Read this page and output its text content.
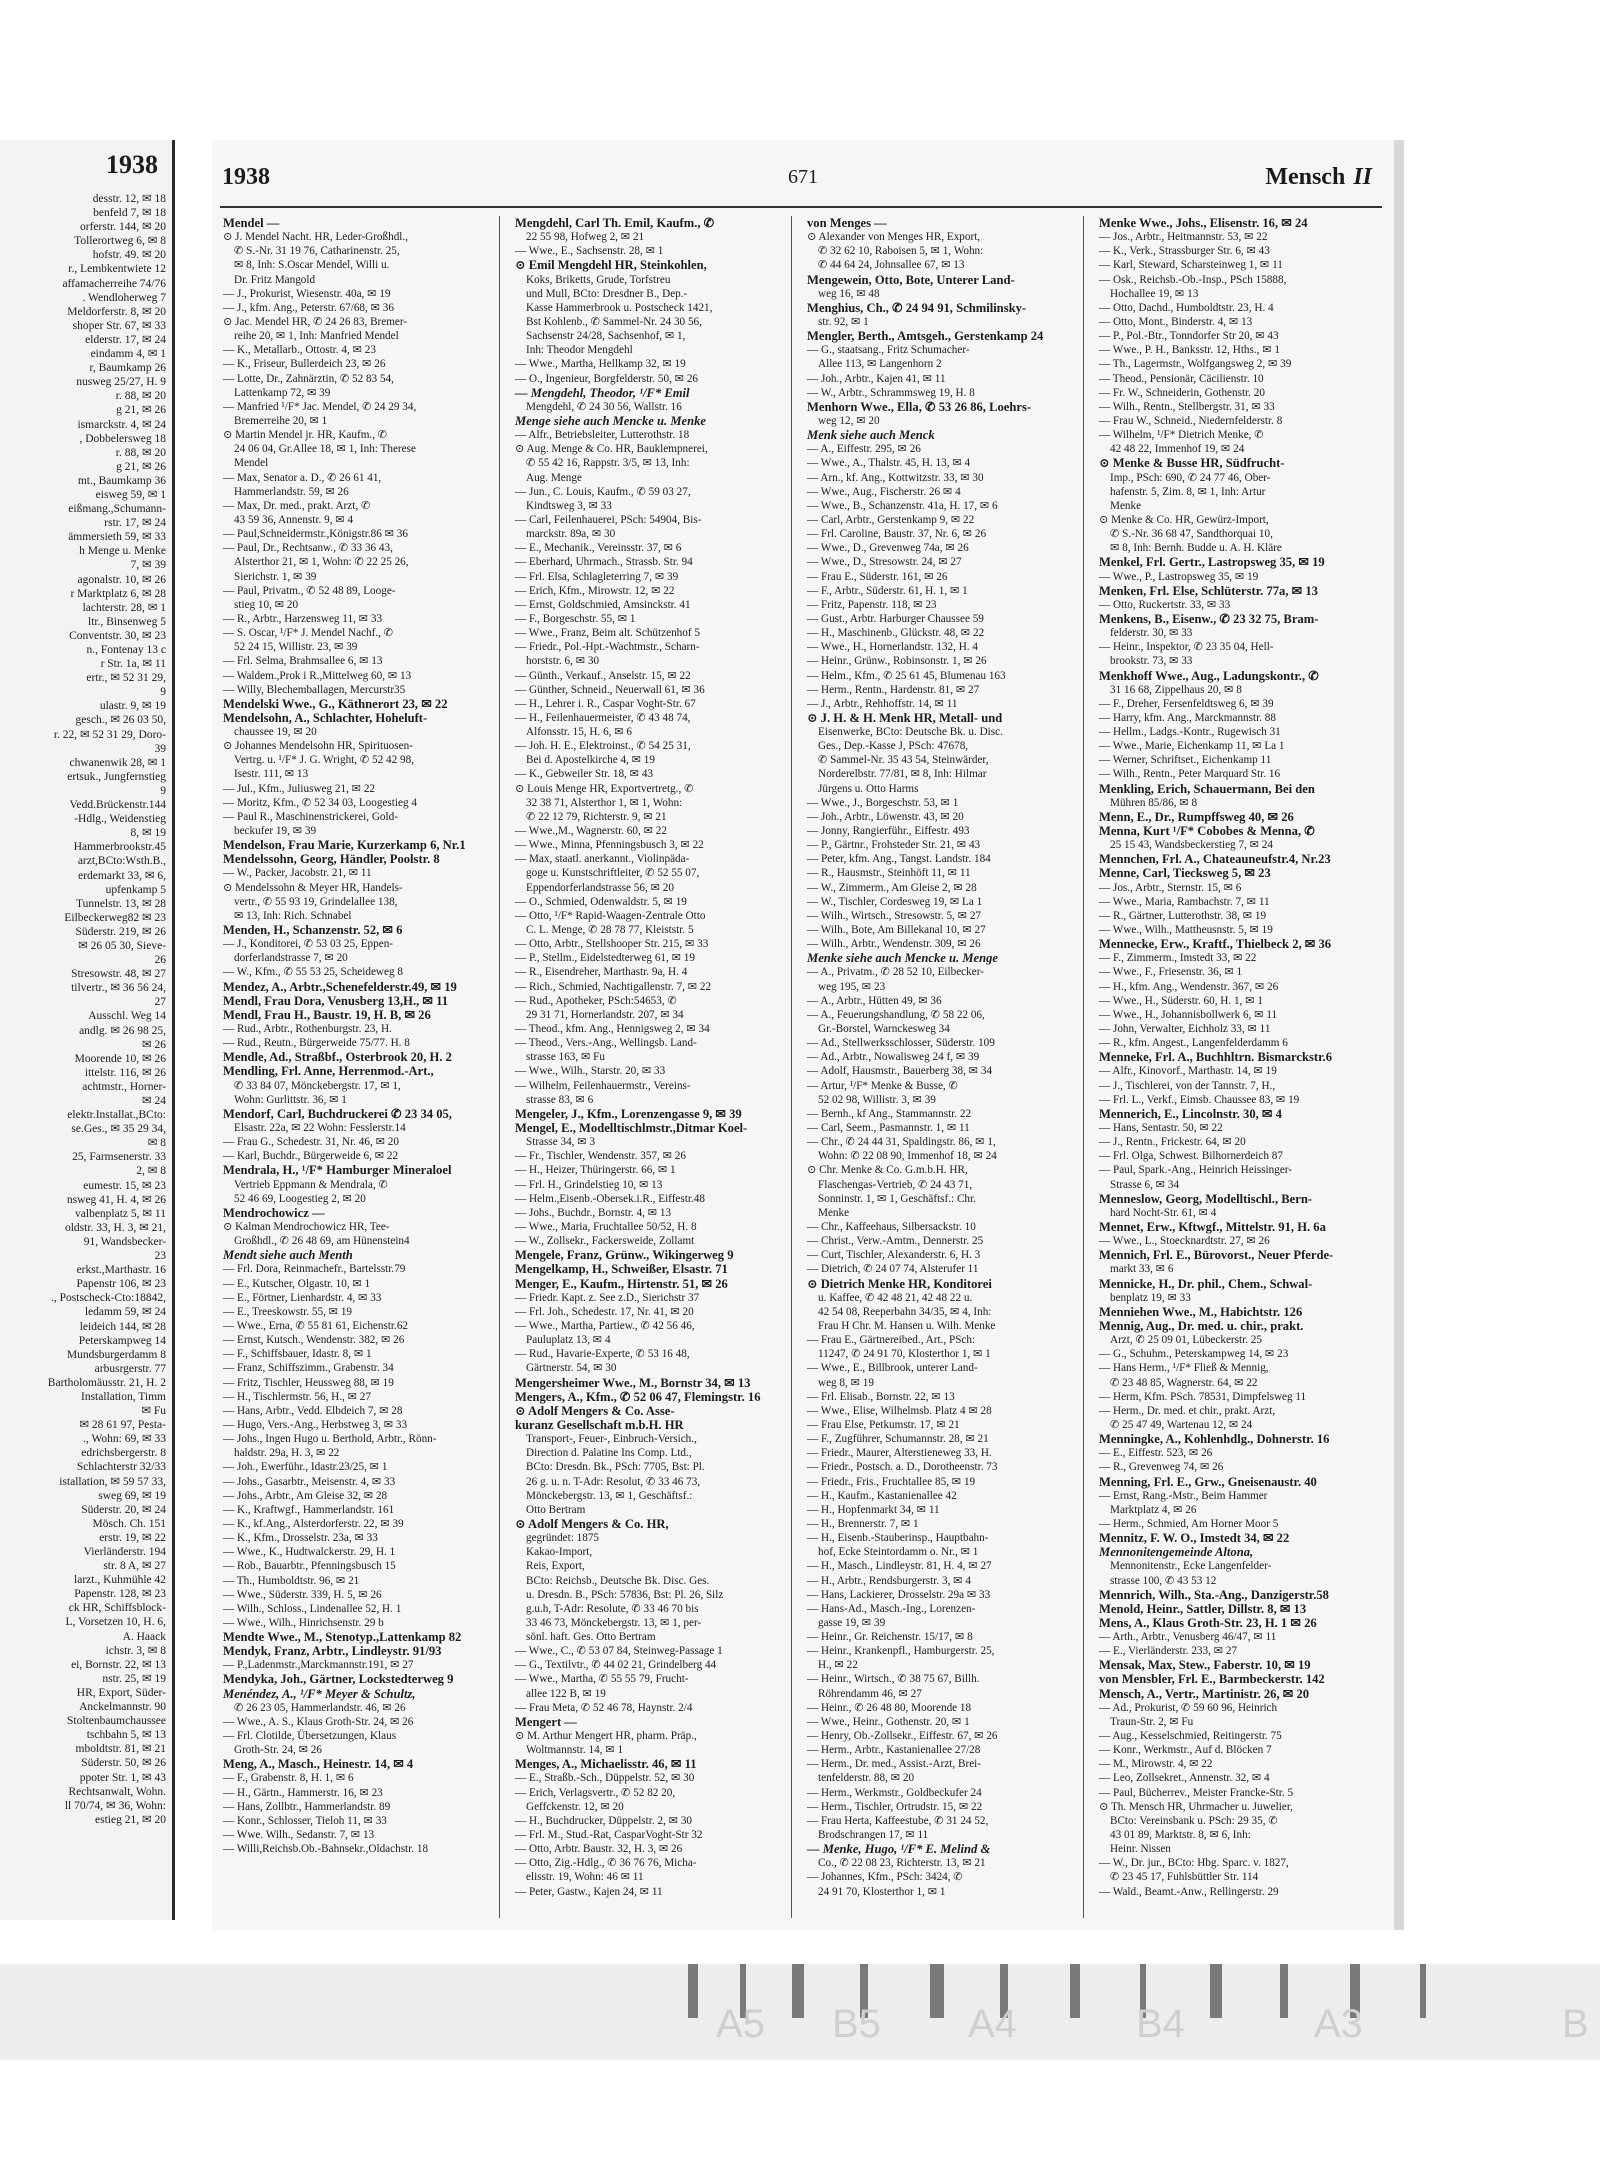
1938
desstr. 12, ✉ 18
benfeld 7, ✉ 18
orferstr. 144, ✉ 20
Tollerortweg 6, ✉ 8
hofstr. 49. ✉ 20
r., Lembkentwiete 12
affamacherreihe 74/76
. Wendloherweg 7
Meldorferstr. 8, ✉ 20
shoper Str. 67, ✉ 33
elderstr. 17, ✉ 24
eindamm 4, ✉ 1
r, Baumkamp 26
nusweg 25/27, H. 9
r. 88, ✉ 20
g 21, ✉ 26
ismarckstr. 4, ✉ 24
, Dobbelersweg 18
r. 88, ✉ 20
g 21, ✉ 26
mt., Baumkamp 36
eisweg 59, ✉ 1
eißmang.,Schumann-
rstr. 17, ✉ 24
ämmersieth 59, ✉ 33
h Menge u. Menke
7, ✉ 39
agonalstr. 10, ✉ 26
r Marktplatz 6, ✉ 28
lachterstr. 28, ✉ 1
ltr., Binsenweg 5
Conventstr. 30, ✉ 23
n., Fontenay 13 c
r Str. 1a, ✉ 11
ertr., ✉ 52 31 29,
9
ulastr. 9, ✉ 19
gesch., ✉ 26 03 50,
r. 22, ✉ 52 31 29, Doro-
39
chwanenwik 28, ✉ 1
ertsuk., Jungfernstieg
9
Vedd.Brückenstr.144
-Hdlg., Weidenstieg
8, ✉ 19
Hammerbrookstr.45
arzt,BCto:Wsth.B.,
erdemarkt 33, ✉ 6,
upfenkamp 5
Tunnelstr. 13, ✉ 28
Eilbeckerweg82 ✉ 23
Süderstr. 219, ✉ 26
✉ 26 05 30, Sieve-
26
Stresowstr. 48, ✉ 27
tilvertr., ✉ 36 56 24,
27
Ausschl. Weg 14
andlg. ✉ 26 98 25,
✉ 26
Moorende 10, ✉ 26
ittelstr. 116, ✉ 26
achtmstr., Horner-
✉ 24
elektr.Installat.,BCto:
se.Ges., ✉ 35 29 34,
✉ 8
25, Farmsenerstr. 33
2, ✉ 8
eumestr. 15, ✉ 23
nsweg 41, H. 4, ✉ 26
valbenplatz 5, ✉ 11
oldstr. 33, H. 3, ✉ 21,
91, Wandsbecker-
23
erkst.,Marthastr. 16
Papenstr 106, ✉ 23
., Postscheck-Cto:18842,
ledamm 59, ✉ 24
leideich 144, ✉ 28
Peterskampweg 14
Mundsburgerdamm 8
arbusrgerstr. 77
Bartholomäusstr. 21, H. 2
Installation, Timm
✉ Fu
✉ 28 61 97, Pesta-
., Wohn: 69, ✉ 33
edrichsbergerstr. 8
Schlachterstr 32/33
istallation, ✉ 59 57 33,
sweg 69, ✉ 19
Süderstr. 20, ✉ 24
Mösch. Ch. 151
erstr. 19, ✉ 22
Vierländerstr. 194
str. 8 A, ✉ 27
larzt., Kuhmühle 42
Papenstr. 128, ✉ 23
ck HR, Schiffsblock-
L, Vorsetzen 10, H. 6,
A. Haack
ichstr. 3, ✉ 8
ei, Bornstr. 22, ✉ 13
nstr. 25, ✉ 19
HR, Export, Süder-
Anckelmannstr. 90
Stoltenbaumchaussee
tschbahn 5, ✉ 13
mboldtstr. 81, ✉ 21
Süderstr. 50, ✉ 26
ppoter Str. 1, ✉ 43
Rechtsanwalt, Wohn.
ll 70/74, ✉ 36, Wohn:
estieg 21, ✉ 20
1938	671	Mensch II
Mendel —
⊙ J. Mendel Nacht. HR, Leder-Großhdl.,
✆ S.-Nr. 31 19 76, Catharinenstr. 25,
✉ 8, Inh: S.Oscar Mendel, Willi u.
Dr. Fritz Mangold
— J., Prokurist, Wiesenstr. 40a, ✉ 19
— J., kfm. Ang., Peterstr. 67/68, ✉ 36
⊙ Jac. Mendel HR, ✆ 24 26 83, Bremer-
reihe 20, ✉ 1, Inh: Manfried Mendel
— K., Metallarb., Ottostr. 4, ✉ 23
— K., Friseur, Bullerdeich 23, ✉ 26
— Lotte, Dr., Zahnärztin, ✆ 52 83 54,
Lattenkamp 72, ✉ 39
— Manfried ¹/F* Jac. Mendel, ✆ 24 29 34,
Bremerreihe 20, ✉ 1
⊙ Martin Mendel jr. HR, Kaufm., ✆
24 06 04, Gr.Allee 18, ✉ 1, Inh: Therese
Mendel
— Max, Senator a. D., ✆ 26 61 41,
Hammerlandstr. 59, ✉ 26
— Max, Dr. med., prakt. Arzt, ✆
43 59 36, Annenstr. 9, ✉ 4
— Paul,Schneidermstr.,Königstr.86 ✉ 36
— Paul, Dr., Rechtsanw., ✆ 33 36 43,
Alsterthor 21, ✉ 1, Wohn: ✆ 22 25 26,
Sierichstr. 1, ✉ 39
— Paul, Privatm., ✆ 52 48 89, Looge-
stieg 10, ✉ 20
— R., Arbtr., Harzensweg 11, ✉ 33
— S. Oscar, ¹/F* J. Mendel Nachf., ✆
52 24 15, Willistr. 23, ✉ 39
— Frl. Selma, Brahmsallee 6, ✉ 13
— Waldem.,Prok i R.,Mittelweg 60, ✉ 13
— Willy, Blechemballagen, Mercurstr35
Mendelski Wwe., G., Käthnerort 23, ✉ 22
Mendelsohn, A., Schlachter, Hoheluft-
chaussee 19, ✉ 20
⊙ Johannes Mendelsohn HR, Spirituosen-
Vertrg. u. ¹/F* J. G. Wright, ✆ 52 42 98,
Isestr. 111, ✉ 13
— Jul., Kfm., Juliusweg 21, ✉ 22
— Moritz, Kfm., ✆ 52 34 03, Loogestieg 4
— Paul R., Maschinenstrickerei, Gold-
beckufer 19, ✉ 39
Mendelson, Frau Marie, Kurzerkamp 6, Nr.1
Mendelssohn, Georg, Händler, Poolstr. 8
— W., Packer, Jacobstr. 21, ✉ 11
⊙ Mendelssohn & Meyer HR, Handels-
vertr., ✆ 55 93 19, Grindelallee 138,
✉ 13, Inh: Rich. Schnabel
Menden, H., Schanzenstr. 52, ✉ 6
— J., Konditorei, ✆ 53 03 25, Eppen-
dorferlandstrasse 7, ✉ 20
— W., Kfm., ✆ 55 53 25, Scheideweg 8
Mendez, A., Arbtr.,Schenefelderstr.49, ✉ 19
Mendl, Frau Dora, Venusberg 13,H., ✉ 11
Mendl, Frau H., Baustr. 19, H. B, ✉ 26
— Rud., Arbtr., Rothenburgstr. 23, H.
— Rud., Reutn., Bürgerweide 75/77. H. 8
Mendle, Ad., Straßbf., Osterbrook 20, H. 2
Mendling, Frl. Anne, Herrenmod.-Art.,
✆ 33 84 07, Mönckebergstr. 17, ✉ 1,
Wohn: Gurlittstr. 36, ✉ 1
Mendorf, Carl, Buchdruckerei ✆ 23 34 05,
Elsastr. 22a, ✉ 22 Wohn: Fesslerstr.14
— Frau G., Schedestr. 31, Nr. 46, ✉ 20
— Karl, Buchdr., Bürgerweide 6, ✉ 22
Mendrala, H., ¹/F* Hamburger Mineraloel
Vertrieb Eppmann & Mendrala, ✆
52 46 69, Loogestieg 2, ✉ 20
Mendrochowicz —
⊙ Kalman Mendrochowicz HR, Tee-
Großhdl., ✆ 26 48 69, am Hünenstein4
Mendt siehe auch Menth
— Frl. Dora, Reinmachefr., Bartelsstr.79
— E., Kutscher, Olgastr. 10, ✉ 1
— E., Förtner, Lienhardstr. 4, ✉ 33
— E., Treeskowstr. 55, ✉ 19
— Wwe., Erna, ✆ 55 81 61, Eichenstr.62
— Ernst, Kutsch., Wendenstr. 382, ✉ 26
— F., Schiffsbauer, Idastr. 8, ✉ 1
— Franz, Schiffszimm., Grabenstr. 34
— Fritz, Tischler, Heussweg 88, ✉ 19
— H., Tischlermstr. 56, H., ✉ 27
— Hans, Arbtr., Vedd. Elbdeich 7, ✉ 28
— Hugo, Vers.-Ang., Herbstweg 3, ✉ 33
— Johs., Ingen Hugo u. Berthold, Arbtr., Rönn-
haldstr. 29a, H. 3, ✉ 22
— Joh., Ewerführ., Idastr.23/25, ✉ 1
— Johs., Gasarbtr., Meisenstr. 4, ✉ 33
— Johs., Arbtr., Am Gleise 32, ✉ 28
— K., Kraftwgf., Hammerlandstr. 161
— K., kf.Ang., Alsterdorferstr. 22, ✉ 39
— K., Kfm., Drosselstr. 23a, ✉ 33
— Wwe., K., Hudtwalckerstr. 29, H. 1
— Rob., Bauarbtr., Pfenningsbusch 15
— Th., Humboldtstr. 96, ✉ 21
— Wwe., Süderstr. 339, H. 5, ✉ 26
— Wilh., Schloss., Lindenallee 52, H. 1
— Wwe., Wilh., Hinrichsenstr. 29 b
Mendte Wwe., M., Stenotyp.,Lattenkamp 82
Mendyk, Franz, Arbtr., Lindleystr. 91/93
— P.,Ladenmstr.,Marckmannstr.191, ✉ 27
Mendyka, Joh., Gärtner, Lockstedterweg 9
Menéndez, A., ¹/F* Meyer & Schultz,
✆ 26 23 05, Hammerlandstr. 46, ✉ 26
— Wwe., A. S., Klaus Groth-Str. 24, ✉ 26
— Frl. Clotilde, Übersetzungen, Klaus
Groth-Str. 24, ✉ 26
Meng, A., Masch., Heinestr. 14, ✉ 4
— F., Grabenstr. 8, H. 1, ✉ 6
— H., Gärtn., Hammerstr. 16, ✉ 23
— Hans, Zollbtr., Hammerlandstr. 89
— Konr., Schlosser, Tieloh 11, ✉ 33
— Wwe. Wilh., Sedanstr. 7, ✉ 13
— Willi,Reichsb.Ob.-Bahnsekr.,Oldachstr. 18
Mengdehl, Carl Th. Emil, Kaufm., ✆
22 55 98, Hofweg 2, ✉ 21
— Wwe., E., Sachsenstr. 28, ✉ 1
⊙ Emil Mengdehl HR, Steinkohlen,
Koks, Briketts, Grude, Torfstreu
und Mull, BCto: Dresdner B., Dep.-
Kasse Hammerbrook u. Postscheck 1421,
Bst Kohlenb., ✆ Sammel-Nr. 24 30 56,
Sachsenstr 24/28, Sachsenhof, ✉ 1,
Inh: Theodor Mengdehl
— Wwe., Martha, Hellkamp 32, ✉ 19
— O., Ingenieur, Borgfelderstr. 50, ✉ 26
— Mengdehl, Theodor, ¹/F* Emil
Mengdehl, ✆ 24 30 56, Wallstr. 16
Menge siehe auch Mencke u. Menke
— Alfr., Betriebsleiter, Lutterothstr. 18
⊙ Aug. Menge & Co. HR, Bauklempnerei,
✆ 55 42 16, Rappstr. 3/5, ✉ 13, Inh:
Aug. Menge
— Jun., C. Louis, Kaufm., ✆ 59 03 27,
Kindtsweg 3, ✉ 33
— Carl, Feilenhauerei, PSch: 54904, Bis-
marckstr. 89a, ✉ 30
— E., Mechanik., Vereinsstr. 37, ✉ 6
— Eberhard, Uhrmach., Strassb. Str. 94
— Frl. Elsa, Schlagleterring 7, ✉ 39
— Erich, Kfm., Mirowstr. 12, ✉ 22
— Ernst, Goldschmied, Amsinckstr. 41
— F., Borgeschstr. 55, ✉ 1
— Wwe., Franz, Beim alt. Schützenhof 5
— Friedr., Pol.-Hpt.-Wachtmstr., Scharn-
horststr. 6, ✉ 30
— Günth., Verkauf., Anselstr. 15, ✉ 22
— Günther, Schneid., Neuerwall 61, ✉ 36
— H., Lehrer i. R., Caspar Voght-Str. 67
— H., Feilenhauermeister, ✆ 43 48 74,
Alfonsstr. 15, H. 6, ✉ 6
— Joh. H. E., Elektroinst., ✆ 54 25 31,
Bei d. Apostelkirche 4, ✉ 19
— K., Gebweiler Str. 18, ✉ 43
⊙ Louis Menge HR, Exportvertretg., ✆
32 38 71, Alsterthor 1, ✉ 1, Wohn:
✆ 22 12 79, Richterstr. 9, ✉ 21
— Wwe.,M., Wagnerstr. 60, ✉ 22
— Wwe., Minna, Pfenningsbusch 3, ✉ 22
— Max, staatl. anerkannt., Violinpäda-
goge u. Kunstschriftleiter, ✆ 52 55 07,
Eppendorferlandstrasse 56, ✉ 20
— O., Schmied, Odenwaldstr. 5, ✉ 19
— Otto, ¹/F* Rapid-Waagen-Zentrale Otto
C. L. Menge, ✆ 28 78 77, Kleiststr. 5
— Otto, Arbtr., Stellshooper Str. 215, ✉ 33
— P., Stellm., Eidelstedterweg 61, ✉ 19
— R., Eisendreher, Marthastr. 9a, H. 4
— Rich., Schmied, Nachtigallenstr. 7, ✉ 22
— Rud., Apotheker, PSch:54653, ✆
29 31 71, Hornerlandstr. 207, ✉ 34
— Theod., kfm. Ang., Hennigsweg 2, ✉ 34
— Theod., Vers.-Ang., Wellingsb. Land-
strasse 163, ✉ Fu
— Wwe., Wilh., Starstr. 20, ✉ 33
— Wilhelm, Feilenhauermstr., Vereins-
strasse 83, ✉ 6
Mengeler, J., Kfm., Lorenzengasse 9, ✉ 39
Mengel, E., Modelltischlmstr.,Ditmar Koel-
Strasse 34, ✉ 3
— Fr., Tischler, Wendenstr. 357, ✉ 26
— H., Heizer, Thüringerstr. 66, ✉ 1
— Frl. H., Grindelstieg 10, ✉ 13
— Helm.,Eisenb.-Obersek.i.R., Eiffestr.48
— Johs., Buchdr., Bornstr. 4, ✉ 13
— Wwe., Maria, Fruchtallee 50/52, H. 8
— W., Zollsekr., Fackersweide, Zollamt
Mengele, Franz, Grünw., Wikingerweg 9
Mengelkamp, H., Schweißer, Elsastr. 71
Menger, E., Kaufm., Hirtenstr. 51, ✉ 26
— Friedr. Kapt. z. See z.D., Sierichstr 37
— Frl. Joh., Schedestr. 17, Nr. 41, ✉ 20
— Wwe., Martha, Partiew., ✆ 42 56 46,
Pauluplatz 13, ✉ 4
— Rud., Havarie-Experte, ✆ 53 16 48,
Gärtnerstr. 54, ✉ 30
Mengersheimer Wwe., M., Bornstr 34, ✉ 13
Mengers, A., Kfm., ✆ 52 06 47, Flemingstr. 16
⊙ Adolf Mengers & Co. Asse-
kuranz Gesellschaft m.b.H. HR
Transport-, Feuer-, Einbruch-Versich.,
Direction d. Palatine Ins Comp. Ltd.,
BCto: Dresdn. Bk., PSch: 7705, Bst: Pl.
26 g. u. n. T-Adr: Resolut, ✆ 33 46 73,
Mönckebergstr. 13, ✉ 1, Geschäftsf.:
Otto Bertram
⊙ Adolf Mengers & Co. HR,
gegründet: 1875
Kakao-Import,
Reis, Export,
BCto: Reichsb., Deutsche Bk. Disc. Ges.
u. Dresdn. B., PSch: 57836, Bst: Pl. 26, Silz
g.u.h, T-Adr: Resolute, ✆ 33 46 70 bis
33 46 73, Mönckebergstr. 13, ✉ 1, per-
sönl. haft. Ges. Otto Bertram
— Wwe., C., ✆ 53 07 84, Steinweg-Passage 1
— G., Textilvtr., ✆ 44 02 21, Grindelberg 44
— Wwe., Martha, ✆ 55 55 79, Frucht-
allee 122 B, ✉ 19
— Frau Meta, ✆ 52 46 78, Haynstr. 2/4
Mengert —
⊙ M. Arthur Mengert HR, pharm. Präp.,
Woltmannstr. 14, ✉ 1
Menges, A., Michaelisstr. 46, ✉ 11
— E., Straßb.-Sch., Düppelstr. 52, ✉ 30
— Erich, Verlagsvertr., ✆ 52 82 20,
Geffckenstr. 12, ✉ 20
— H., Buchdrucker, Düppelstr. 2, ✉ 30
— Frl. M., Stud.-Rat, CasparVoght-Str 32
— Otto, Arbtr. Baustr. 32, H. 3, ✉ 26
— Otto, Zig.-Hdlg., ✆ 36 76 76, Micha-
elisstr. 19, Wohn: 46 ✉ 11
— Peter, Gastw., Kajen 24, ✉ 11
von Menges —
⊙ Alexander von Menges HR, Export,
✆ 32 62 10, Raboisen 5, ✉ 1, Wohn:
✆ 44 64 24, Johnsallee 67, ✉ 13
Mengewein, Otto, Bote, Unterer Land-
weg 16, ✉ 48
Menghius, Ch., ✆ 24 94 91, Schmilinsky-
str. 92, ✉ 1
Mengler, Berth., Amtsgeh., Gerstenkamp 24
— G., staatsang., Fritz Schumacher-
Allee 113, ✉ Langenhorn 2
— Joh., Arbtr., Kajen 41, ✉ 11
— W., Arbtr., Schrammsweg 19, H. 8
Menhorn Wwe., Ella, ✆ 53 26 86, Loehrs-
weg 12, ✉ 20
Menk siehe auch Menck
— A., Eiffestr. 295, ✉ 26
— Wwe., A., Thalstr. 45, H. 13, ✉ 4
— Arn., kf. Ang., Kottwitzstr. 33, ✉ 30
— Wwe., Aug., Fischerstr. 26 ✉ 4
— Wwe., B., Schanzenstr. 41a, H. 17, ✉ 6
— Carl, Arbtr., Gerstenkamp 9, ✉ 22
— Frl. Caroline, Baustr. 37, Nr. 6, ✉ 26
— Wwe., D., Grevenweg 74a, ✉ 26
— Wwe., D., Stresowstr. 24, ✉ 27
— Frau E., Süderstr. 161, ✉ 26
— F., Arbtr., Süderstr. 61, H. 1, ✉ 1
— Fritz, Papenstr. 118, ✉ 23
— Gust., Arbtr. Harburger Chaussee 59
— H., Maschinenb., Glückstr. 48, ✉ 22
— Wwe., H., Hornerlandstr. 132, H. 4
— Heinr., Grünw., Robinsonstr. 1, ✉ 26
— Helm., Kfm., ✆ 25 61 45, Blumenau 163
— Herm., Rentn., Hardenstr. 81, ✉ 27
— J., Arbtr., Rehhoffstr. 14, ✉ 11
⊙ J. H. & H. Menk HR, Metall- und
Eisenwerke, BCto: Deutsche Bk. u. Disc.
Ges., Dep.-Kasse J, PSch: 47678,
✆ Sammel-Nr. 35 43 54, Steinwärder,
Norderelbstr. 77/81, ✉ 8, Inh: Hilmar
Jürgens u. Otto Harms
— Wwe., J., Borgeschstr. 53, ✉ 1
— Joh., Arbtr., Löwenstr. 43, ✉ 20
— Jonny, Rangierführ., Eiffestr. 493
— P., Gärtnr., Frohsteder Str. 21, ✉ 43
— Peter, kfm. Ang., Tangst. Landstr. 184
— R., Hausmstr., Steinhöft 11, ✉ 11
— W., Zimmerm., Am Gleise 2, ✉ 28
— W., Tischler, Cordesweg 19, ✉ La 1
— Wilh., Wirtsch., Stresowstr. 5, ✉ 27
— Wilh., Bote, Am Billekanal 10, ✉ 27
— Wilh., Arbtr., Wendenstr. 309, ✉ 26
Menke siehe auch Mencke u. Menge
— A., Privatm., ✆ 28 52 10, Eilbecker-
weg 195, ✉ 23
— A., Arbtr., Hütten 49, ✉ 36
— A., Feuerungshandlung, ✆ 58 22 06,
Gr.-Borstel, Warnckesweg 34
— Ad., Stellwerksschlosser, Süderstr. 109
— Ad., Arbtr., Nowalisweg 24 f, ✉ 39
— Adolf, Hausmstr., Bauerberg 38, ✉ 34
— Artur, ¹/F* Menke & Busse, ✆
52 02 98, Willistr. 3, ✉ 39
— Bernh., kf Ang., Stammannstr. 22
— Carl, Seem., Pasmannstr. 1, ✉ 11
— Chr., ✆ 24 44 31, Spaldingstr. 86, ✉ 1,
Wohn: ✆ 22 08 90, Immenhof 18, ✉ 24
⊙ Chr. Menke & Co. G.m.b.H. HR,
Flaschengas-Vertrieb, ✆ 24 43 71,
Sonninstr. 1, ✉ 1, Geschäftsf.: Chr.
Menke
— Chr., Kaffeehaus, Silbersackstr. 10
— Christ., Verw.-Amtm., Dennerstr. 25
— Curt, Tischler, Alexanderstr. 6, H. 3
— Dietrich, ✆ 24 07 74, Alsterufer 11
⊙ Dietrich Menke HR, Konditorei
u. Kaffee, ✆ 42 48 21, 42 48 22 u.
42 54 08, Reeperbahn 34/35, ✉ 4, Inh:
Frau H Chr. M. Hansen u. Wilh. Menke
— Frau E., Gärtnereibed., Art., PSch:
11247, ✆ 24 91 70, Klosterthor 1, ✉ 1
— Wwe., E., Billbrook, unterer Land-
weg 8, ✉ 19
— Frl. Elisab., Bornstr. 22, ✉ 13
— Wwe., Elise, Wilhelmsb. Platz 4 ✉ 28
— Frau Else, Petkumstr. 17, ✉ 21
— F., Zugführer, Schumannstr. 28, ✉ 21
— Friedr., Maurer, Alterstieneweg 33, H.
— Friedr., Postsch. a. D., Dorotheenstr. 73
— Friedr., Fris., Fruchtallee 85, ✉ 19
— H., Kaufm., Kastanienallee 42
— H., Hopfenmarkt 34, ✉ 11
— H., Brennerstr. 7, ✉ 1
— H., Eisenb.-Stauberinsp., Hauptbahn-
hof, Ecke Steintordamm o. Nr., ✉ 1
— H., Masch., Lindleystr. 81, H. 4, ✉ 27
— H., Arbtr., Rendsburgerstr. 3, ✉ 4
— Hans, Lackierer, Drosselstr. 29a ✉ 33
— Hans-Ad., Masch.-Ing., Lorenzen-
gasse 19, ✉ 39
— Heinr., Gr. Reichenstr. 15/17, ✉ 8
— Heinr., Krankenpfl., Hamburgerstr. 25,
H., ✉ 22
— Heinr., Wirtsch., ✆ 38 75 67, Billh.
Röhrendamm 46, ✉ 27
— Heinr., ✆ 26 48 80, Moorende 18
— Wwe., Heinr., Gothenstr. 20, ✉ 1
— Henry, Ob.-Zollsekr., Eiffestr. 67, ✉ 26
— Herm., Arbtr., Kastanienallee 27/28
— Herm., Dr. med., Assist.-Arzt, Brei-
tenfelderstr. 88, ✉ 20
— Herm., Werkmstr., Goldbeckufer 24
— Herm., Tischler, Ortrudstr. 15, ✉ 22
— Frau Herta, Kaffeestube, ✆ 31 24 52,
Brodschrangen 17, ✉ 11
— Menke, Hugo, ¹/F* E. Melind &
Co., ✆ 22 08 23, Richterstr. 13, ✉ 21
— Johannes, Kfm., PSch: 3424, ✆
24 91 70, Klosterthor 1, ✉ 1
Menke Wwe., Johs., Elisenstr. 16, ✉ 24
— Jos., Arbtr., Heitmannstr. 53, ✉ 22
— K., Verk., Strassburger Str. 6, ✉ 43
— Karl, Steward, Scharsteinweg 1, ✉ 11
— Osk., Reichsb.-Ob.-Insp., PSch 15888,
Hochallee 19, ✉ 13
— Otto, Dachd., Humboldtstr. 23, H. 4
— Otto, Mont., Binderstr. 4, ✉ 13
— P., Pol.-Btr., Tonndorfer Str 20, ✉ 43
— Wwe., P. H., Banksstr. 12, Hths., ✉ 1
— Th., Lagermstr., Wolfgangsweg 2, ✉ 39
— Theod., Pensionär, Cäcilienstr. 10
— Fr. W., Schneiderin, Gothenstr. 20
— Wilh., Rentn., Stellbergstr. 31, ✉ 33
— Frau W., Schneid., Niedernfelderstr. 8
— Wilhelm, ¹/F* Dietrich Menke, ✆
42 48 22, Immenhof 19, ✉ 24
⊙ Menke & Busse HR, Südfrucht-
Imp., PSch: 690, ✆ 24 77 46, Ober-
hafenstr. 5, Zim. 8, ✉ 1, Inh: Artur
Menke
⊙ Menke & Co. HR, Gewürz-Import,
✆ S.-Nr. 36 68 47, Sandthorquai 10,
✉ 8, Inh: Bernh. Budde u. A. H. Kläre
Menkel, Frl. Gertr., Lastropsweg 35, ✉ 19
— Wwe., P., Lastropsweg 35, ✉ 19
Menken, Frl. Else, Schlüterstr. 77a, ✉ 13
— Otto, Ruckertstr. 33, ✉ 33
Menkens, B., Eisenw., ✆ 23 32 75, Bram-
felderstr. 30, ✉ 33
— Heinr., Inspektor, ✆ 23 35 04, Hell-
brookstr. 73, ✉ 33
Menkhoff Wwe., Aug., Ladungskontr., ✆
31 16 68, Zippelhaus 20, ✉ 8
— F., Dreher, Fersenfeldtsweg 6, ✉ 39
— Harry, kfm. Ang., Marckmannstr. 88
— Hellm., Ladgs.-Kontr., Rugewisch 31
— Wwe., Marie, Eichenkamp 11, ✉ La 1
— Werner, Schriftset., Eichenkamp 11
— Wilh., Rentn., Peter Marquard Str. 16
Menkling, Erich, Schauermann, Bei den
Mühren 85/86, ✉ 8
Menn, E., Dr., Rumpffsweg 40, ✉ 26
Menna, Kurt ¹/F* Cobobes & Menna, ✆
25 15 43, Wandsbeckerstieg 7, ✉ 24
Mennchen, Frl. A., Chateauneufstr.4, Nr.23
Menne, Carl, Tiecksweg 5, ✉ 23
— Jos., Arbtr., Sternstr. 15, ✉ 6
— Wwe., Maria, Rambachstr. 7, ✉ 11
— R., Gärtner, Lutterothstr. 38, ✉ 19
— Wwe., Wilh., Mattheusnstr. 5, ✉ 19
Mennecke, Erw., Kraftf., Thielbeck 2, ✉ 36
— F., Zimmerm., Imstedt 33, ✉ 22
— Wwe., F., Friesenstr. 36, ✉ 1
— H., kfm. Ang., Wendenstr. 367, ✉ 26
— Wwe., H., Süderstr. 60, H. 1, ✉ 1
— Wwe., H., Johannisbollwerk 6, ✉ 11
— John, Verwalter, Eichholz 33, ✉ 11
— R., kfm. Angest., Langenfelderdamm 6
Menneke, Frl. A., Buchhltrn. Bismarckstr.6
— Alfr., Kinovorf., Marthastr. 14, ✉ 19
— J., Tischlerei, von der Tannstr. 7, H.,
— Frl. L., Verkf., Eimsb. Chaussee 83, ✉ 19
Mennerich, E., Lincolnstr. 30, ✉ 4
— Hans, Sentastr. 50, ✉ 22
— J., Rentn., Frickestr. 64, ✉ 20
— Frl. Olga, Schwest. Bilhornerdeich 87
— Paul, Spark.-Ang., Heinrich Heissinger-
Strasse 6, ✉ 34
Menneslow, Georg, Modelltischl., Bern-
hard Nocht-Str. 61, ✉ 4
Mennet, Erw., Kftwgf., Mittelstr. 91, H. 6a
— Wwe., L., Stoecknardtstr. 27, ✉ 26
Mennich, Frl. E., Bürovorst., Neuer Pferde-
markt 33, ✉ 6
Mennicke, H., Dr. phil., Chem., Schwal-
benplatz 19, ✉ 33
Menniehen Wwe., M., Habichtstr. 126
Mennig, Aug., Dr. med. u. chir., prakt.
Arzt, ✆ 25 09 01, Lübeckerstr. 25
— G., Schuhm., Peterskampweg 14, ✉ 23
— Hans Herm., ¹/F* Fließ & Mennig,
✆ 23 48 85, Wagnerstr. 64, ✉ 22
— Herm, Kfm. PSch. 78531, Dimpfelsweg 11
— Herm., Dr. med. et chir., prakt. Arzt,
✆ 25 47 49, Wartenau 12, ✉ 24
Menningke, A., Kohlenhdlg., Dohnerstr. 16
— E., Eiffestr. 523, ✉ 26
— R., Grevenweg 74, ✉ 26
Menning, Frl. E., Grw., Gneisenaustr. 40
— Ernst, Rang.-Mstr., Beim Hammer
Marktplatz 4, ✉ 26
— Herm., Schmied, Am Horner Moor 5
Mennitz, F. W. O., Imstedt 34, ✉ 22
Mennonitengemeinde Altona,
Mennonitenstr., Ecke Langenfelder-
strasse 100, ✆ 43 53 12
Mennrich, Wilh., Sta.-Ang., Danzigerstr.58
Menold, Heinr., Sattler, Dillstr. 8, ✉ 13
Mens, A., Klaus Groth-Str. 23, H. 1 ✉ 26
— Arth., Arbtr., Venusberg 46/47, ✉ 11
— E., Vierländerstr. 233, ✉ 27
Mensak, Max, Stew., Faberstr. 10, ✉ 19
von Mensbler, Frl. E., Barmbeckerstr. 142
Mensch, A., Vertr., Martinistr. 26, ✉ 20
— Ad., Prokurist, ✆ 59 60 96, Heinrich
Traun-Str. 2, ✉ Fu
— Aug., Kesselschmied, Reitingerstr. 75
— Konr., Werkmstr., Auf d. Blöcken 7
— M., Mirowstr. 4, ✉ 22
— Leo, Zollsekret., Annenstr. 32, ✉ 4
— Paul, Bücherrev., Meister Francke-Str. 5
⊙ Th. Mensch HR, Uhrmacher u. Juwelier,
BCto: Vereinsbank u. PSch: 29 35, ✆
43 01 89, Marktstr. 8, ✉ 6, Inh:
Heinr. Nissen
— W., Dr. jur., BCto: Hbg. Sparc. v. 1827,
✆ 23 45 17, Fuhlsbüttler Str. 114
— Wald., Beamt.-Anw., Rellingerstr. 29
A5 B5 A4	B4	A3	B
